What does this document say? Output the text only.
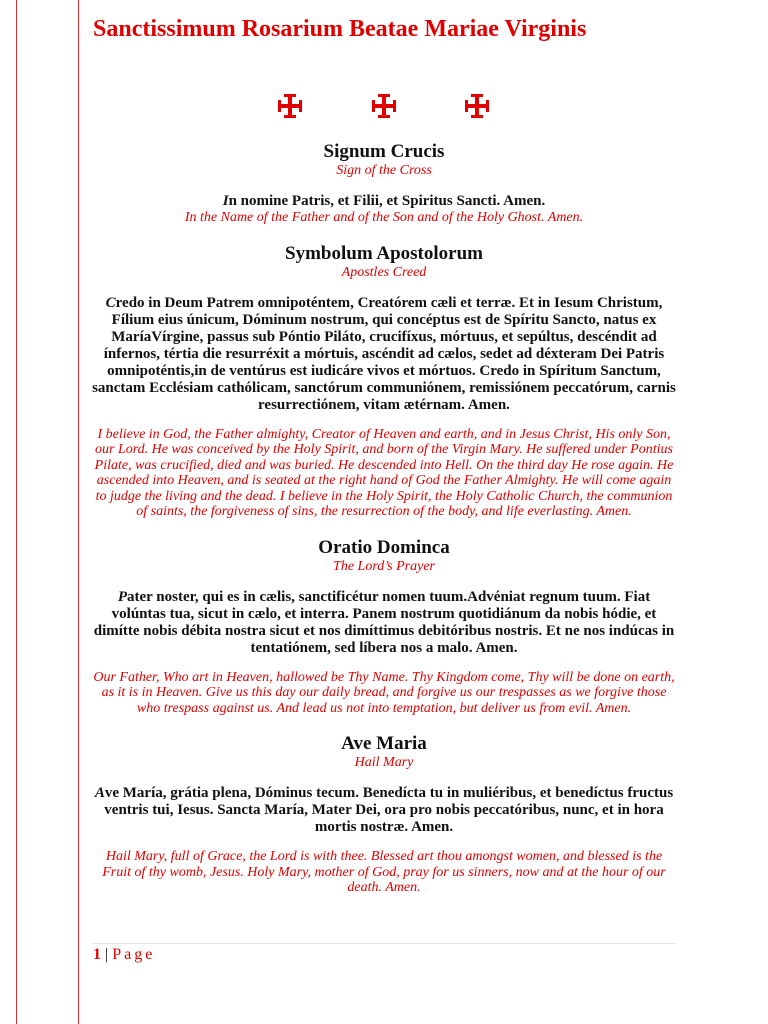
Sanctissimum Rosarium Beatae Mariae Virginis
Signum Crucis

Sign of the Cross

In nomine Patris, et Filii, et Spiritus Sancti. Amen.

In the Name of the Father and of the Son and of the Holy Ghost. Amen.

Symbolum Apostolorum

Apostles Creed

Credo in Deum Patrem omnipoténtem, Creatórem cæli et terræ. Et in Iesum Christum, Fílium eius únicum, Dóminum nostrum, qui concéptus est de Spíritu Sancto, natus ex MaríaVírgine, passus sub Póntio Piláto, crucifíxus, mórtuus, et sepúltus, descéndit ad ínfernos, tértia die resurréxit a mórtuis, ascéndit ad cælos, sedet ad déxteram Dei Patris omnipoténtis,in de ventúrus est iudicáre vivos et mórtuos. Credo in Spíritum Sanctum, sanctam Ecclésiam cathólicam, sanctórum communiónem, remissiónem peccatórum, carnis resurrectiónem, vitam ætérnam. Amen.

I believe in God, the Father almighty, Creator of Heaven and earth, and in Jesus Christ, His only Son, our Lord. He was conceived by the Holy Spirit, and born of the Virgin Mary. He suffered under Pontius Pilate, was crucified, died and was buried. He descended into Hell. On the third day He rose again. He ascended into Heaven, and is seated at the right hand of God the Father Almighty. He will come again to judge the living and the dead. I believe in the Holy Spirit, the Holy Catholic Church, the communion of saints, the forgiveness of sins, the resurrection of the body, and life everlasting. Amen.

Oratio Dominca

The Lord’s Prayer

Pater noster, qui es in cælis, sanctificétur nomen tuum.Advéniat regnum tuum. Fiat volúntas tua, sicut in cælo, et interra. Panem nostrum quotidiánum da nobis hódie, et dimítte nobis débita nostra sicut et nos dimíttimus debitóribus nostris. Et ne nos indúcas in tentatiónem, sed líbera nos a malo. Amen.

Our Father, Who art in Heaven, hallowed be Thy Name. Thy Kingdom come, Thy will be done on earth, as it is in Heaven. Give us this day our daily bread, and forgive us our trespasses as we forgive those who trespass against us. And lead us not into temptation, but deliver us from evil. Amen.

Ave Maria

Hail Mary

Ave María, grátia plena, Dóminus tecum. Benedícta tu in muliéribus, et benedíctus fructus ventris tui, Iesus. Sancta María, Mater Dei, ora pro nobis peccatóribus, nunc, et in hora mortis nostræ. Amen.

Hail Mary, full of Grace, the Lord is with thee. Blessed art thou amongst women, and blessed is the Fruit of thy womb, Jesus. Holy Mary, mother of God, pray for us sinners, now and at the hour of our death. Amen.

1 | Page
